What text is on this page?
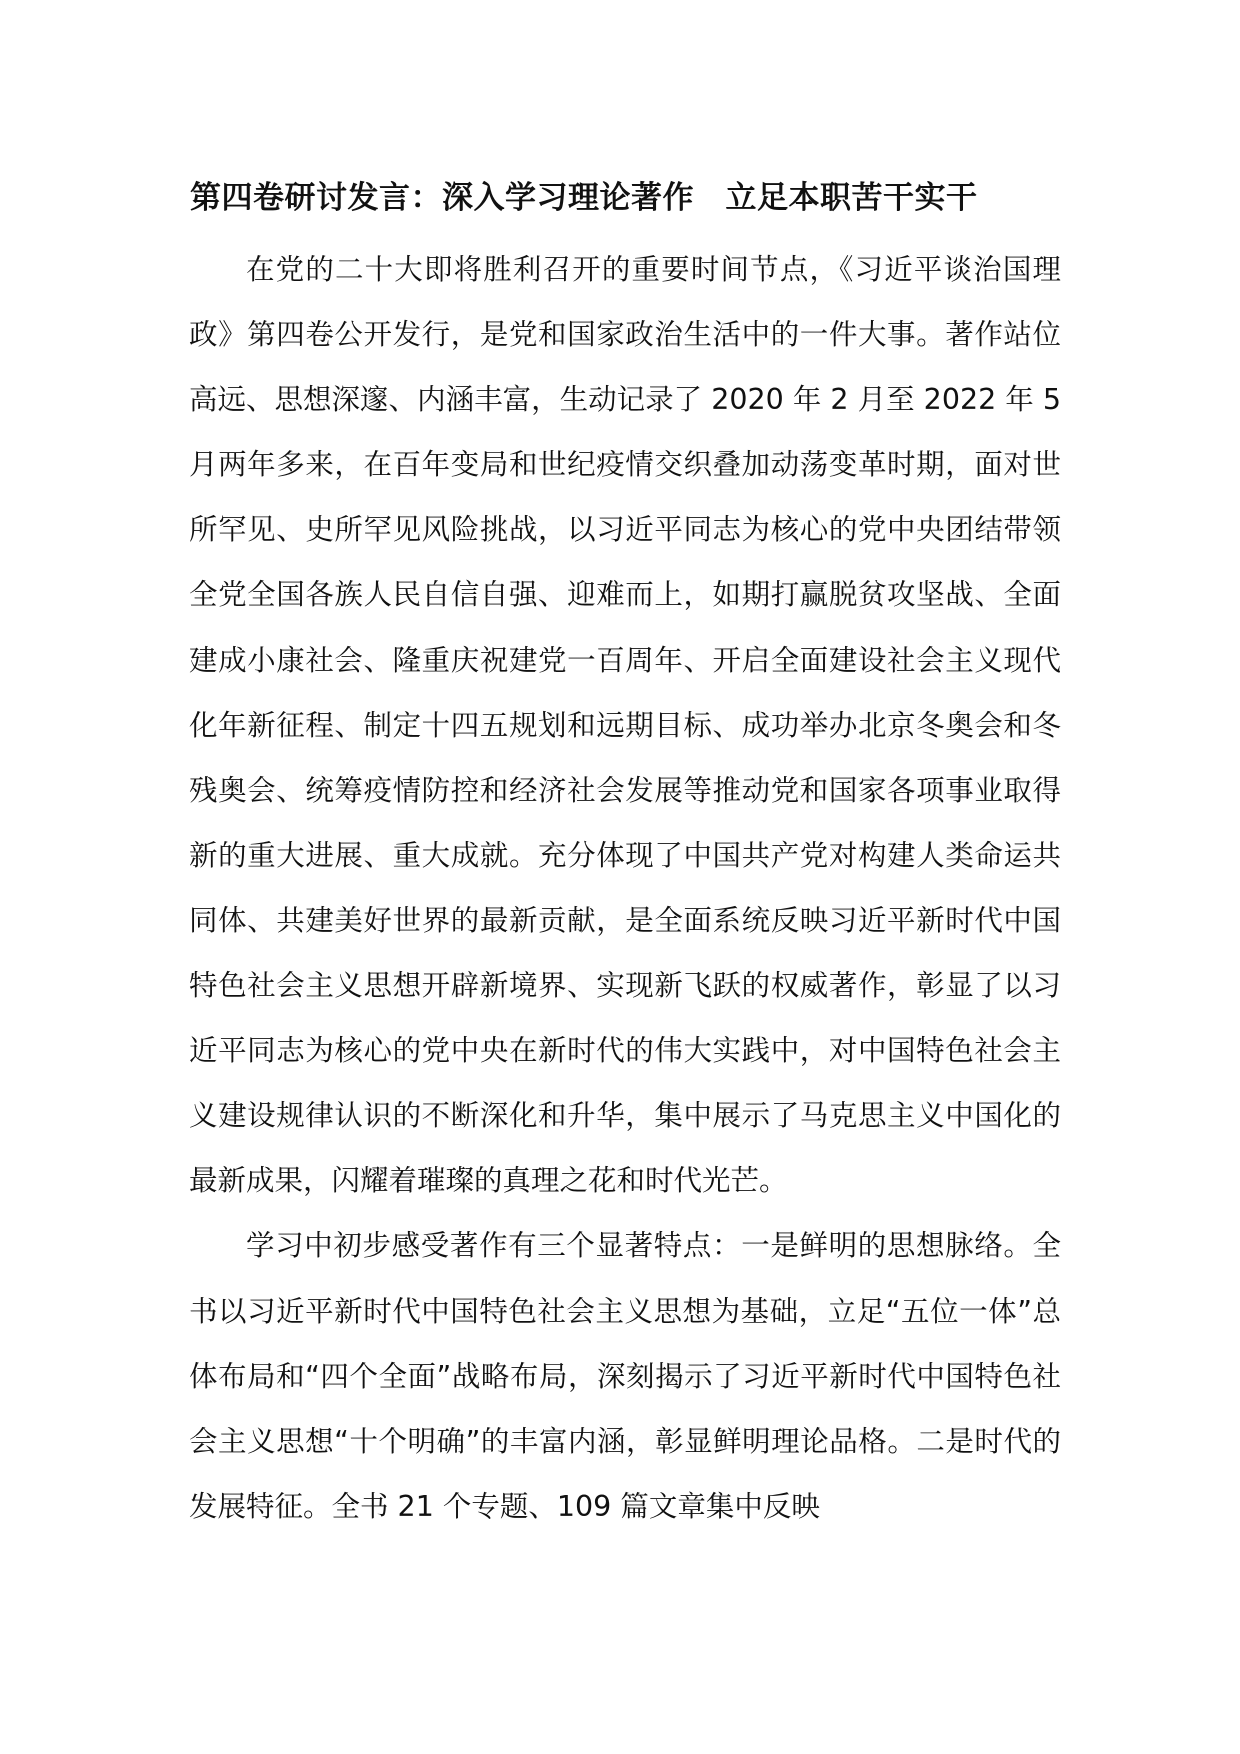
第四卷研讨发言：深入学习理论著作　立足本职苦干实干

在党的二十大即将胜利召开的重要时间节点，《习近平谈治国理政》第四卷公开发行，是党和国家政治生活中的一件大事。著作站位高远、思想深邃、内涵丰富，生动记录了 2020 年 2 月至 2022 年 5 月两年多来，在百年变局和世纪疫情交织叠加动荡变革时期，面对世所罕见、史所罕见风险挑战，以习近平同志为核心的党中央团结带领全党全国各族人民自信自强、迎难而上，如期打赢脱贫攻坚战、全面建成小康社会、隆重庆祝建党一百周年、开启全面建设社会主义现代化年新征程、制定十四五规划和远期目标、成功举办北京冬奥会和冬残奥会、统筹疫情防控和经济社会发展等推动党和国家各项事业取得新的重大进展、重大成就。充分体现了中国共产党对构建人类命运共同体、共建美好世界的最新贡献，是全面系统反映习近平新时代中国特色社会主义思想开辟新境界、实现新飞跃的权威著作，彰显了以习近平同志为核心的党中央在新时代的伟大实践中，对中国特色社会主义建设规律认识的不断深化和升华，集中展示了马克思主义中国化的最新成果，闪耀着璀璨的真理之花和时代光芒。

学习中初步感受著作有三个显著特点：一是鲜明的思想脉络。全书以习近平新时代中国特色社会主义思想为基础，立足“五位一体”总体布局和“四个全面”战略布局，深刻揭示了习近平新时代中国特色社会主义思想“十个明确”的丰富内涵，彰显鲜明理论品格。二是时代的发展特征。全书 21 个专题、109 篇文章集中反映
